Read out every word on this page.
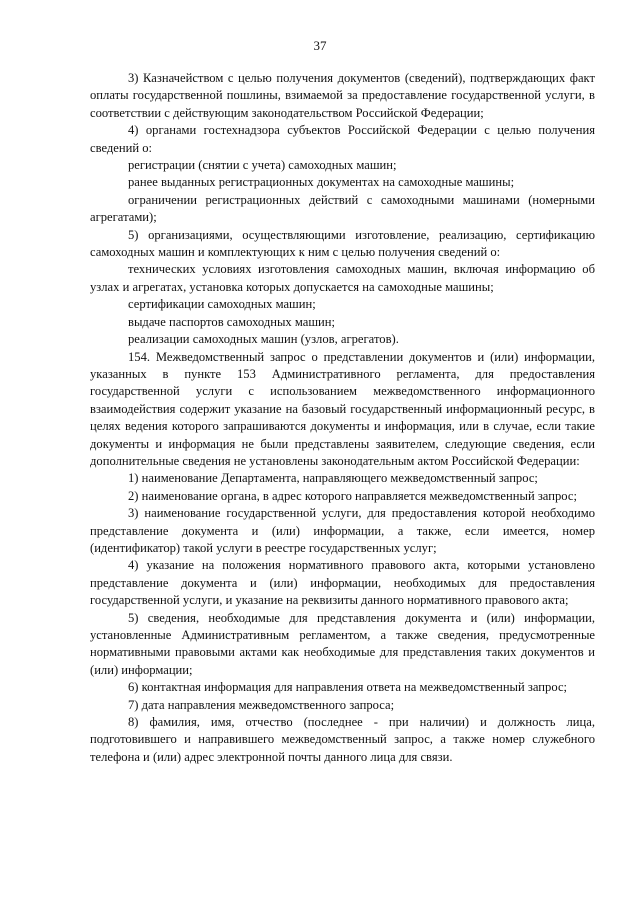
37

3) Казначейством с целью получения документов (сведений), подтверждающих факт оплаты государственной пошлины, взимаемой за предоставление государственной услуги, в соответствии с действующим законодательством Российской Федерации;

4) органами гостехнадзора субъектов Российской Федерации с целью получения сведений о:

регистрации (снятии с учета) самоходных машин;

ранее выданных регистрационных документах на самоходные машины;

ограничении регистрационных действий с самоходными машинами (номерными агрегатами);

5) организациями, осуществляющими изготовление, реализацию, сертификацию самоходных машин и комплектующих к ним с целью получения сведений о:

технических условиях изготовления самоходных машин, включая информацию об узлах и агрегатах, установка которых допускается на самоходные машины;

сертификации самоходных машин;

выдаче паспортов самоходных машин;

реализации самоходных машин (узлов, агрегатов).

154. Межведомственный запрос о представлении документов и (или) информации, указанных в пункте 153 Административного регламента, для предоставления государственной услуги с использованием межведомственного информационного взаимодействия содержит указание на базовый государственный информационный ресурс, в целях ведения которого запрашиваются документы и информация, или в случае, если такие документы и информация не были представлены заявителем, следующие сведения, если дополнительные сведения не установлены законодательным актом Российской Федерации:

1) наименование Департамента, направляющего межведомственный запрос;

2) наименование органа, в адрес которого направляется межведомственный запрос;

3) наименование государственной услуги, для предоставления которой необходимо представление документа и (или) информации, а также, если имеется, номер (идентификатор) такой услуги в реестре государственных услуг;

4) указание на положения нормативного правового акта, которыми установлено представление документа и (или) информации, необходимых для предоставления государственной услуги, и указание на реквизиты данного нормативного правового акта;

5) сведения, необходимые для представления документа и (или) информации, установленные Административным регламентом, а также сведения, предусмотренные нормативными правовыми актами как необходимые для представления таких документов и (или) информации;

6) контактная информация для направления ответа на межведомственный запрос;

7) дата направления межведомственного запроса;

8) фамилия, имя, отчество (последнее - при наличии) и должность лица, подготовившего и направившего межведомственный запрос, а также номер служебного телефона и (или) адрес электронной почты данного лица для связи.
